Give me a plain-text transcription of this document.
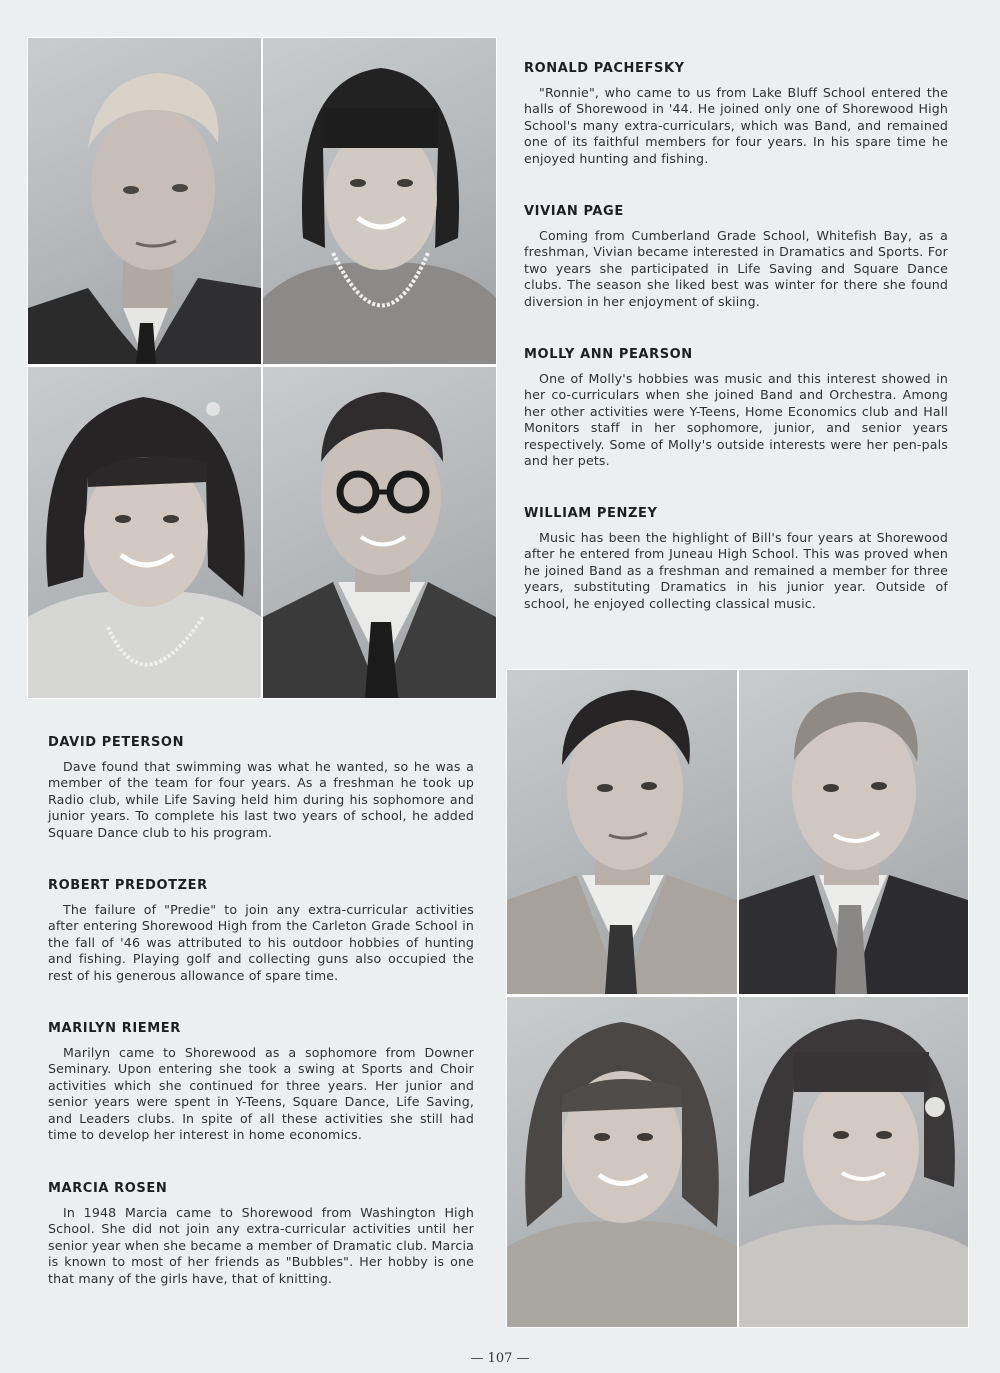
RONALD PACHEFSKY

"Ronnie", who came to us from Lake Bluff School entered the halls of Shorewood in '44. He joined only one of Shorewood High School's many extra-curriculars, which was Band, and remained one of its faithful members for four years. In his spare time he enjoyed hunting and fishing.

VIVIAN PAGE

Coming from Cumberland Grade School, Whitefish Bay, as a freshman, Vivian became interested in Dramatics and Sports. For two years she participated in Life Saving and Square Dance clubs. The season she liked best was winter for there she found diversion in her enjoyment of skiing.

MOLLY ANN PEARSON

One of Molly's hobbies was music and this interest showed in her co-curriculars when she joined Band and Orchestra. Among her other activities were Y-Teens, Home Economics club and Hall Monitors staff in her sophomore, junior, and senior years respectively. Some of Molly's outside interests were her pen-pals and her pets.

WILLIAM PENZEY

Music has been the highlight of Bill's four years at Shorewood after he entered from Juneau High School. This was proved when he joined Band as a freshman and remained a member for three years, substituting Dramatics in his junior year. Outside of school, he enjoyed collecting classical music.

DAVID PETERSON

Dave found that swimming was what he wanted, so he was a member of the team for four years. As a freshman he took up Radio club, while Life Saving held him during his sophomore and junior years. To complete his last two years of school, he added Square Dance club to his program.

ROBERT PREDOTZER

The failure of "Predie" to join any extra-curricular activities after entering Shorewood High from the Carleton Grade School in the fall of '46 was attributed to his outdoor hobbies of hunting and fishing. Playing golf and collecting guns also occupied the rest of his generous allowance of spare time.

MARILYN RIEMER

Marilyn came to Shorewood as a sophomore from Downer Seminary. Upon entering she took a swing at Sports and Choir activities which she continued for three years. Her junior and senior years were spent in Y-Teens, Square Dance, Life Saving, and Leaders clubs. In spite of all these activities she still had time to develop her interest in home economics.

MARCIA ROSEN

In 1948 Marcia came to Shorewood from Washington High School. She did not join any extra-curricular activities until her senior year when she became a member of Dramatic club. Marcia is known to most of her friends as "Bubbles". Her hobby is one that many of the girls have, that of knitting.

— 107 —
